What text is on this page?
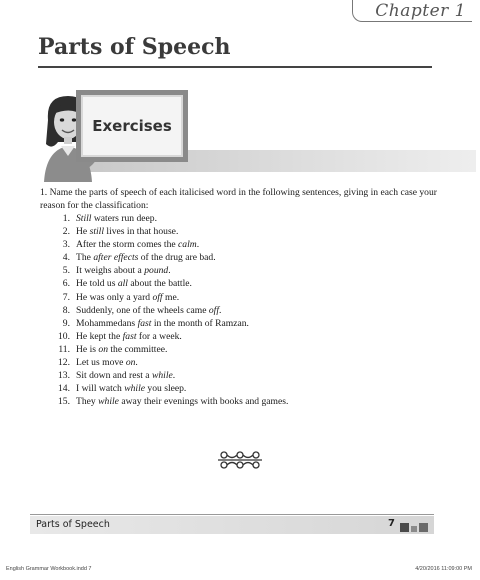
Chapter 1
Parts of Speech
Exercises

1. Name the parts of speech of each italicised word in the following sentences, giving in each case your reason for the classification:

1. Still waters run deep.
2. He still lives in that house.
3. After the storm comes the calm.
4. The after effects of the drug are bad.
5. It weighs about a pound.
6. He told us all about the battle.
7. He was only a yard off me.
8. Suddenly, one of the wheels came off.
9. Mohammedans fast in the month of Ramzan.
10. He kept the fast for a week.
11. He is on the committee.
12. Let us move on.
13. Sit down and rest a while.
14. I will watch while you sleep.
15. They while away their evenings with books and games.
Parts of Speech	7
English Grammar Workbook.indd 7	4/20/2016 11:09:00 PM
